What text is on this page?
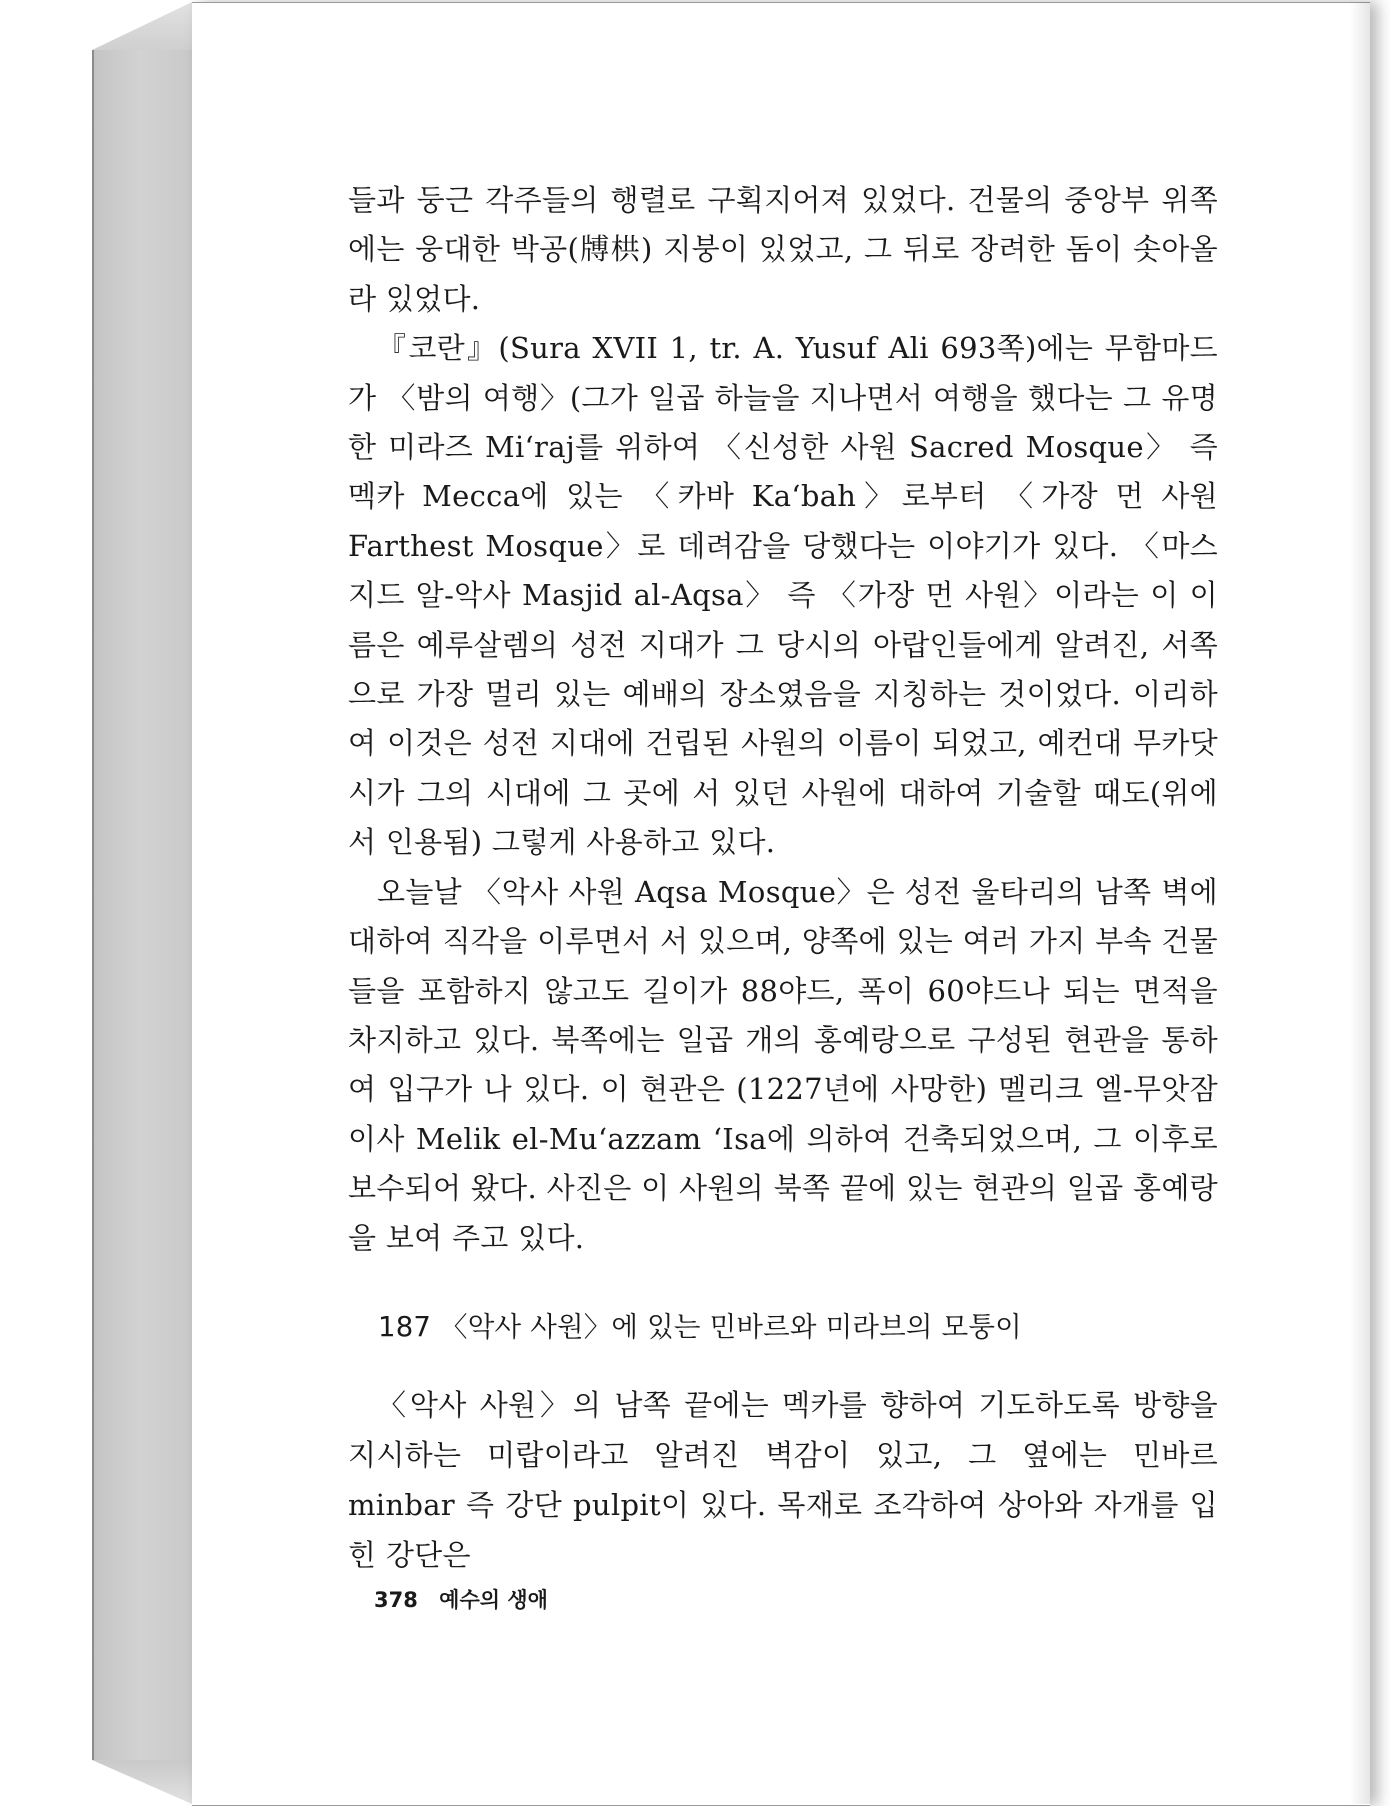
들과 둥근 각주들의 행렬로 구획지어져 있었다. 건물의 중앙부 위쪽에는 웅대한 박공(牔栱) 지붕이 있었고, 그 뒤로 장려한 돔이 솟아올라 있었다.

『코란』(Sura XVII 1, tr. A. Yusuf Ali 693쪽)에는 무함마드가 〈밤의 여행〉(그가 일곱 하늘을 지나면서 여행을 했다는 그 유명한 미라즈 Mi‘raj를 위하여 〈신성한 사원 Sacred Mosque〉 즉 멕카 Mecca에 있는 〈카바 Ka‘bah〉로부터 〈가장 먼 사원 Farthest Mosque〉로 데려감을 당했다는 이야기가 있다. 〈마스지드 알-악사 Masjid al-Aqsa〉 즉 〈가장 먼 사원〉이라는 이 이름은 예루살렘의 성전 지대가 그 당시의 아랍인들에게 알려진, 서쪽으로 가장 멀리 있는 예배의 장소였음을 지칭하는 것이었다. 이리하여 이것은 성전 지대에 건립된 사원의 이름이 되었고, 예컨대 무카닷시가 그의 시대에 그 곳에 서 있던 사원에 대하여 기술할 때도(위에서 인용됨) 그렇게 사용하고 있다.

오늘날 〈악사 사원 Aqsa Mosque〉은 성전 울타리의 남쪽 벽에 대하여 직각을 이루면서 서 있으며, 양쪽에 있는 여러 가지 부속 건물들을 포함하지 않고도 길이가 88야드, 폭이 60야드나 되는 면적을 차지하고 있다. 북쪽에는 일곱 개의 홍예랑으로 구성된 현관을 통하여 입구가 나 있다. 이 현관은 (1227년에 사망한) 멜리크 엘-무앗잠 이사 Melik el-Mu‘azzam ‘Isa에 의하여 건축되었으며, 그 이후로 보수되어 왔다. 사진은 이 사원의 북쪽 끝에 있는 현관의 일곱 홍예랑을 보여 주고 있다.

187 〈악사 사원〉에 있는 민바르와 미라브의 모퉁이

〈악사 사원〉의 남쪽 끝에는 멕카를 향하여 기도하도록 방향을 지시하는 미랍이라고 알려진 벽감이 있고, 그 옆에는 민바르 minbar 즉 강단 pulpit이 있다. 목재로 조각하여 상아와 자개를 입힌 강단은

378 예수의 생애
